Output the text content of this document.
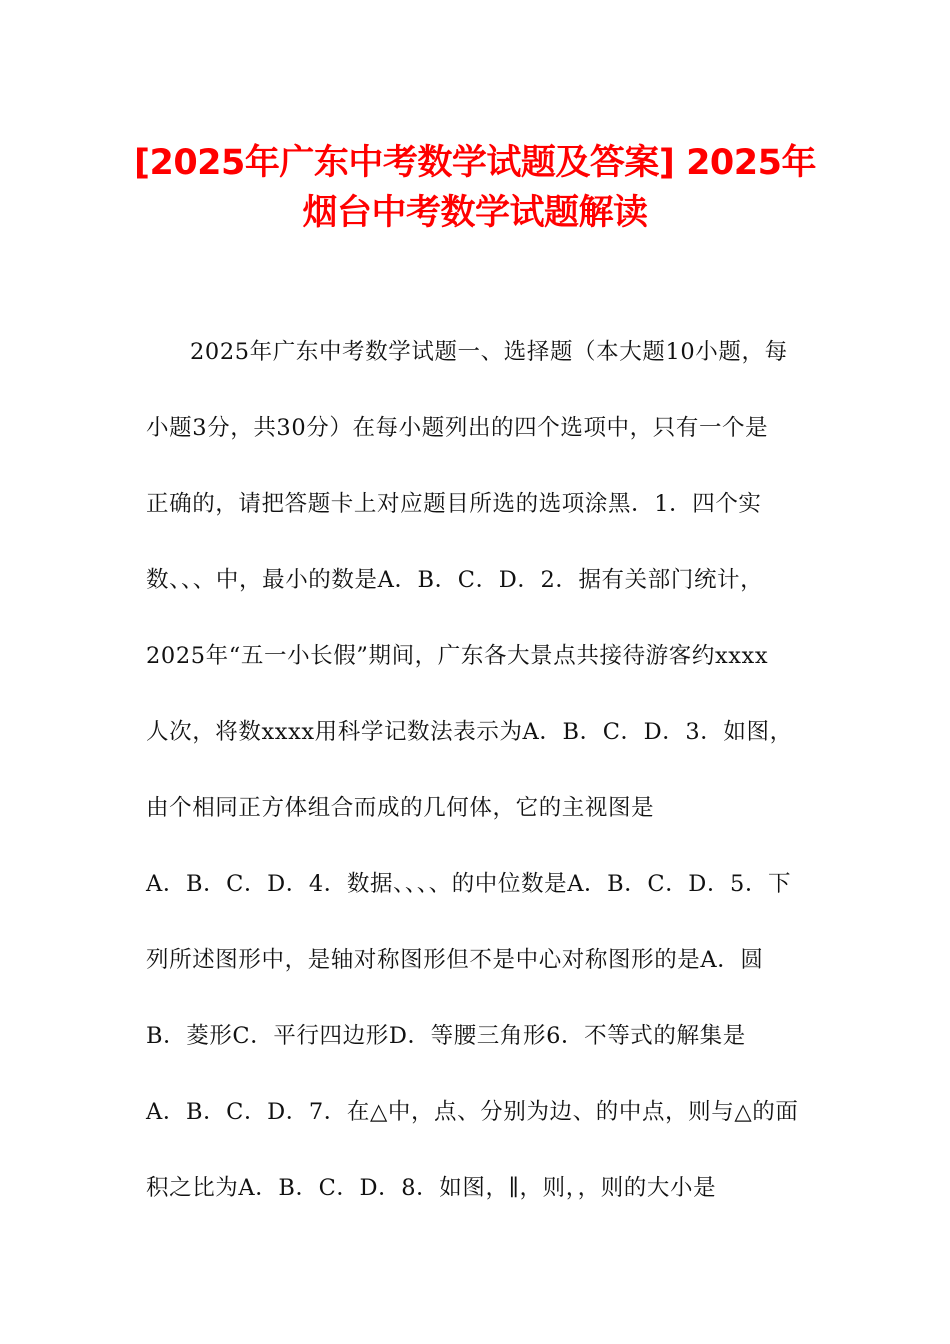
[2025年广东中考数学试题及答案] 2025年
烟台中考数学试题解读
2025年广东中考数学试题一、选择题（本大题10小题，每
小题3分，共30分）在每小题列出的四个选项中，只有一个是
正确的，请把答题卡上对应题目所选的选项涂黑．1．四个实
数、、、中，最小的数是A．B．C．D．2．据有关部门统计，
2025年“五一小长假”期间，广东各大景点共接待游客约xxxx
人次，将数xxxx用科学记数法表示为A．B．C．D．3．如图，
由个相同正方体组合而成的几何体，它的主视图是
A．B．C．D．4．数据、、、、的中位数是A．B．C．D．5．下
列所述图形中，是轴对称图形但不是中心对称图形的是A．圆
B．菱形C．平行四边形D．等腰三角形6．不等式的解集是
A．B．C．D．7．在△中，点、分别为边、的中点，则与△的面
积之比为A．B．C．D．8．如图，∥，则，，则的大小是
